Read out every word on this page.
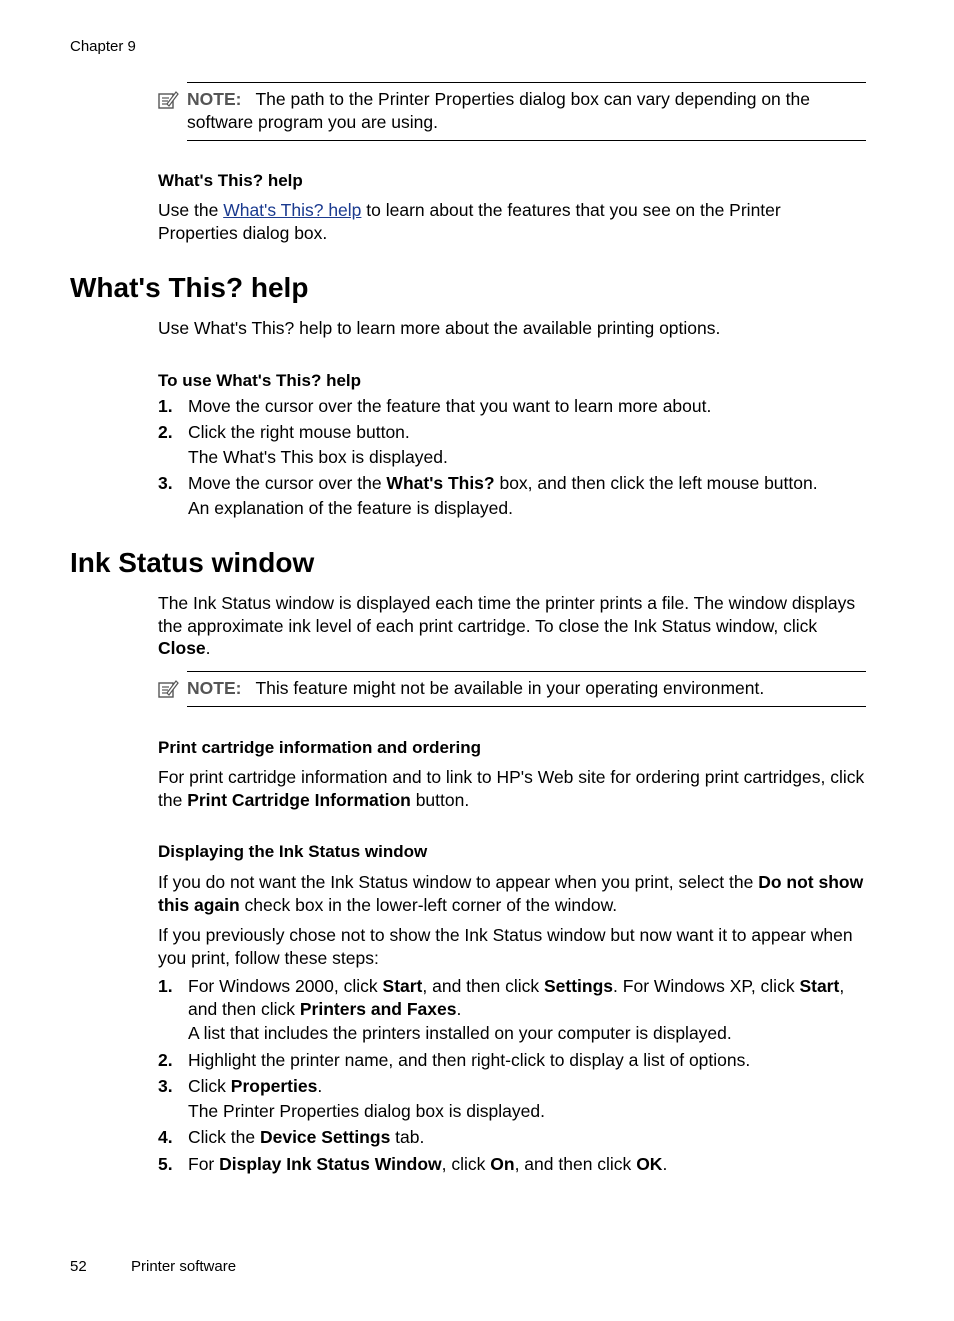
Chapter 9
NOTE: The path to the Printer Properties dialog box can vary depending on the software program you are using.
What's This? help
Use the What's This? help to learn about the features that you see on the Printer Properties dialog box.
What's This? help
Use What's This? help to learn more about the available printing options.
To use What's This? help
1. Move the cursor over the feature that you want to learn more about.
2. Click the right mouse button.
The What's This box is displayed.
3. Move the cursor over the What's This? box, and then click the left mouse button.
An explanation of the feature is displayed.
Ink Status window
The Ink Status window is displayed each time the printer prints a file. The window displays the approximate ink level of each print cartridge. To close the Ink Status window, click Close.
NOTE: This feature might not be available in your operating environment.
Print cartridge information and ordering
For print cartridge information and to link to HP's Web site for ordering print cartridges, click the Print Cartridge Information button.
Displaying the Ink Status window
If you do not want the Ink Status window to appear when you print, select the Do not show this again check box in the lower-left corner of the window.
If you previously chose not to show the Ink Status window but now want it to appear when you print, follow these steps:
1. For Windows 2000, click Start, and then click Settings. For Windows XP, click Start, and then click Printers and Faxes.
A list that includes the printers installed on your computer is displayed.
2. Highlight the printer name, and then right-click to display a list of options.
3. Click Properties.
The Printer Properties dialog box is displayed.
4. Click the Device Settings tab.
5. For Display Ink Status Window, click On, and then click OK.
52	Printer software
